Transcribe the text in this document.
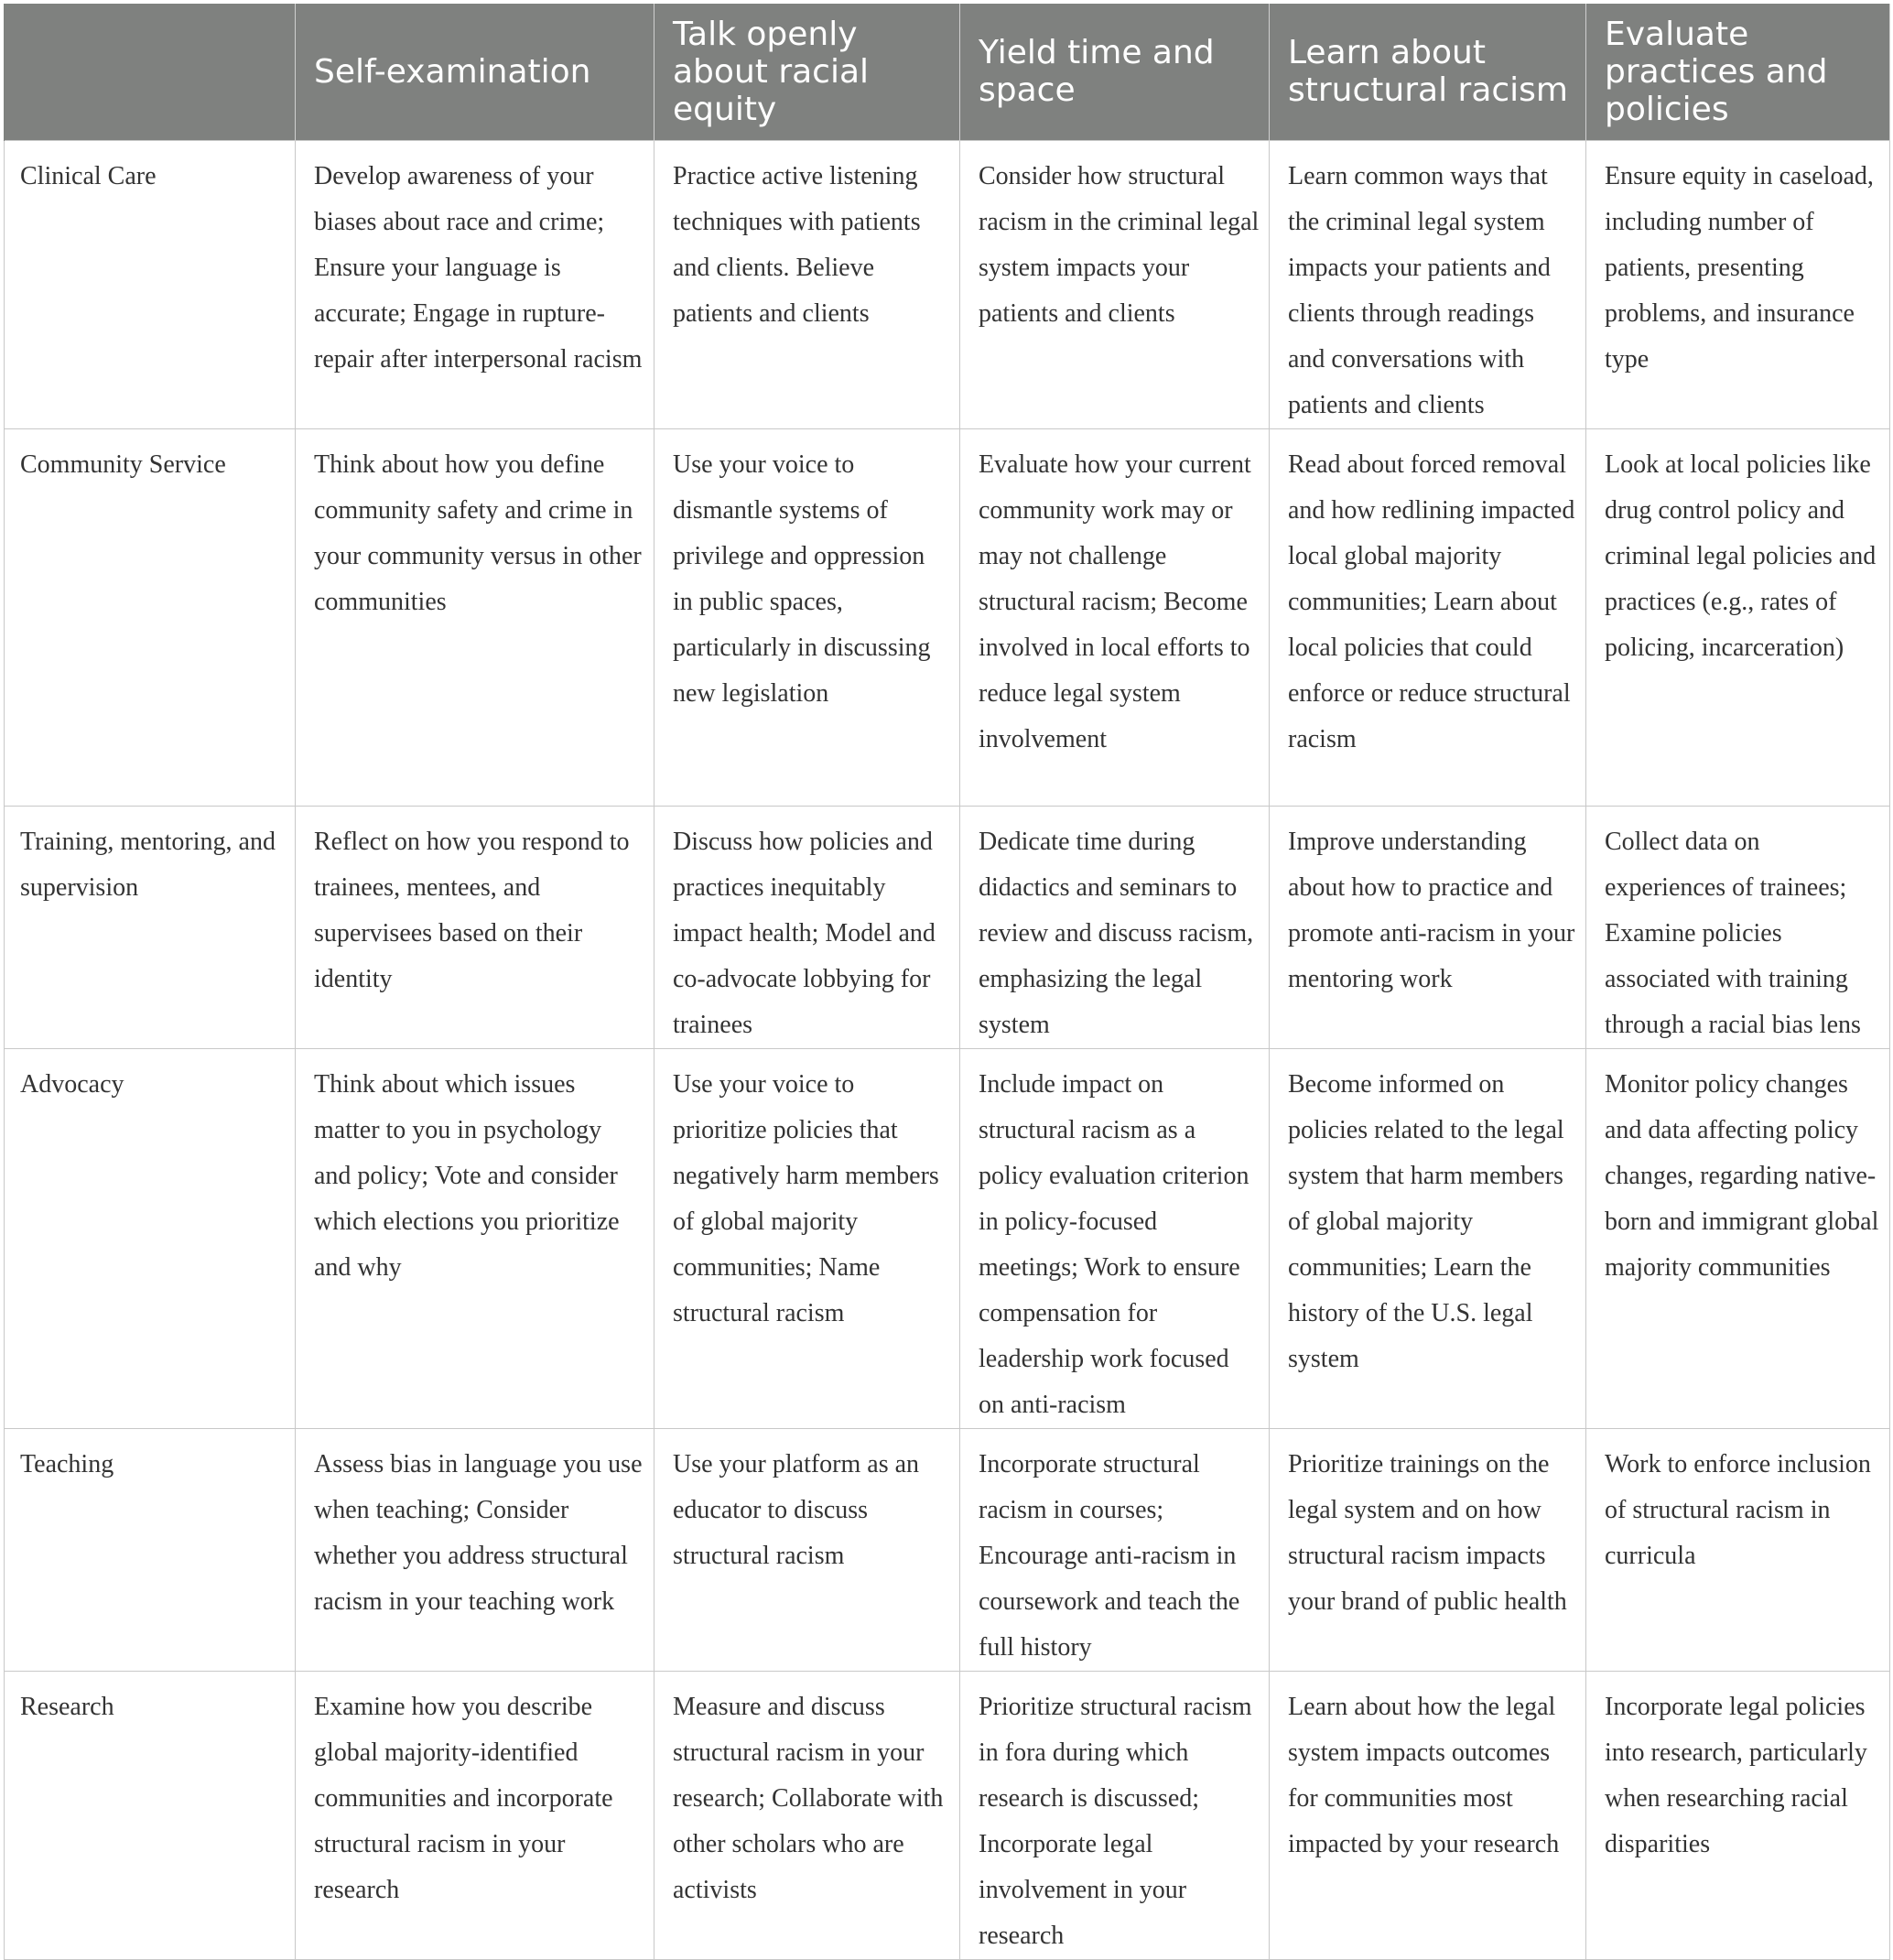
	Self-examination	Talk openly about racial equity	Yield time and space	Learn about structural racism	Evaluate practices and policies
Clinical Care	Develop awareness of your biases about race and crime; Ensure your language is accurate; Engage in rupture-repair after interpersonal racism	Practice active listening techniques with patients and clients. Believe patients and clients	Consider how structural racism in the criminal legal system impacts your patients and clients	Learn common ways that the criminal legal system impacts your patients and clients through readings and conversations with patients and clients	Ensure equity in caseload, including number of patients, presenting problems, and insurance type
Community Service	Think about how you define community safety and crime in your community versus in other communities	Use your voice to dismantle systems of privilege and oppression in public spaces, particularly in discussing new legislation	Evaluate how your current community work may or may not challenge structural racism; Become involved in local efforts to reduce legal system involvement	Read about forced removal and how redlining impacted local global majority communities; Learn about local policies that could enforce or reduce structural racism	Look at local policies like drug control policy and criminal legal policies and practices (e.g., rates of policing, incarceration)
Training, mentoring, and supervision	Reflect on how you respond to trainees, mentees, and supervisees based on their identity	Discuss how policies and practices inequitably impact health; Model and co-advocate lobbying for trainees	Dedicate time during didactics and seminars to review and discuss racism, emphasizing the legal system	Improve understanding about how to practice and promote anti-racism in your mentoring work	Collect data on experiences of trainees; Examine policies associated with training through a racial bias lens
Advocacy	Think about which issues matter to you in psychology and policy; Vote and consider which elections you prioritize and why	Use your voice to prioritize policies that negatively harm members of global majority communities; Name structural racism	Include impact on structural racism as a policy evaluation criterion in policy-focused meetings; Work to ensure compensation for leadership work focused on anti-racism	Become informed on policies related to the legal system that harm members of global majority communities; Learn the history of the U.S. legal system	Monitor policy changes and data affecting policy changes, regarding native-born and immigrant global majority communities
Teaching	Assess bias in language you use when teaching; Consider whether you address structural racism in your teaching work	Use your platform as an educator to discuss structural racism	Incorporate structural racism in courses; Encourage anti-racism in coursework and teach the full history	Prioritize trainings on the legal system and on how structural racism impacts your brand of public health	Work to enforce inclusion of structural racism in curricula
Research	Examine how you describe global majority-identified communities and incorporate structural racism in your research	Measure and discuss structural racism in your research; Collaborate with other scholars who are activists	Prioritize structural racism in fora during which research is discussed; Incorporate legal involvement in your research	Learn about how the legal system impacts outcomes for communities most impacted by your research	Incorporate legal policies into research, particularly when researching racial disparities
